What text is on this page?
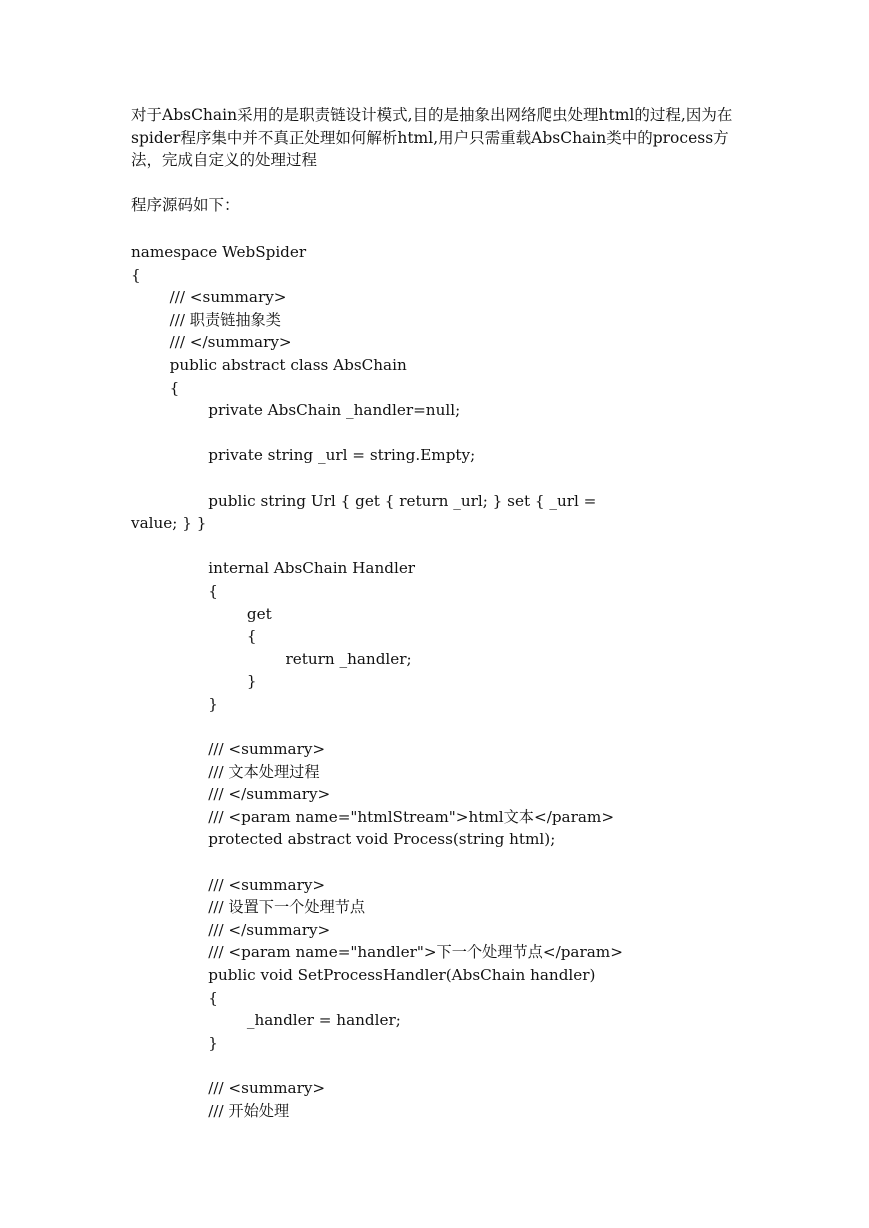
对于AbsChain采用的是职责链设计模式,目的是抽象出网络爬虫处理html的过程,因为在spider程序集中并不真正处理如何解析html,用户只需重载AbsChain类中的process方法，完成自定义的处理过程

程序源码如下：

namespace WebSpider
{
/// <summary>
/// 职责链抽象类
/// </summary>
public abstract class AbsChain
{
private AbsChain _handler=null;

private string _url = string.Empty;

public string Url { get { return _url; } set { _url =
value; } }

internal AbsChain Handler
{
get
{
return _handler;
}
}

/// <summary>
/// 文本处理过程
/// </summary>
/// <param name="htmlStream">html文本</param>
protected abstract void Process(string html);

/// <summary>
/// 设置下一个处理节点
/// </summary>
/// <param name="handler">下一个处理节点</param>
public void SetProcessHandler(AbsChain handler)
{
_handler = handler;
}

/// <summary>
/// 开始处理
